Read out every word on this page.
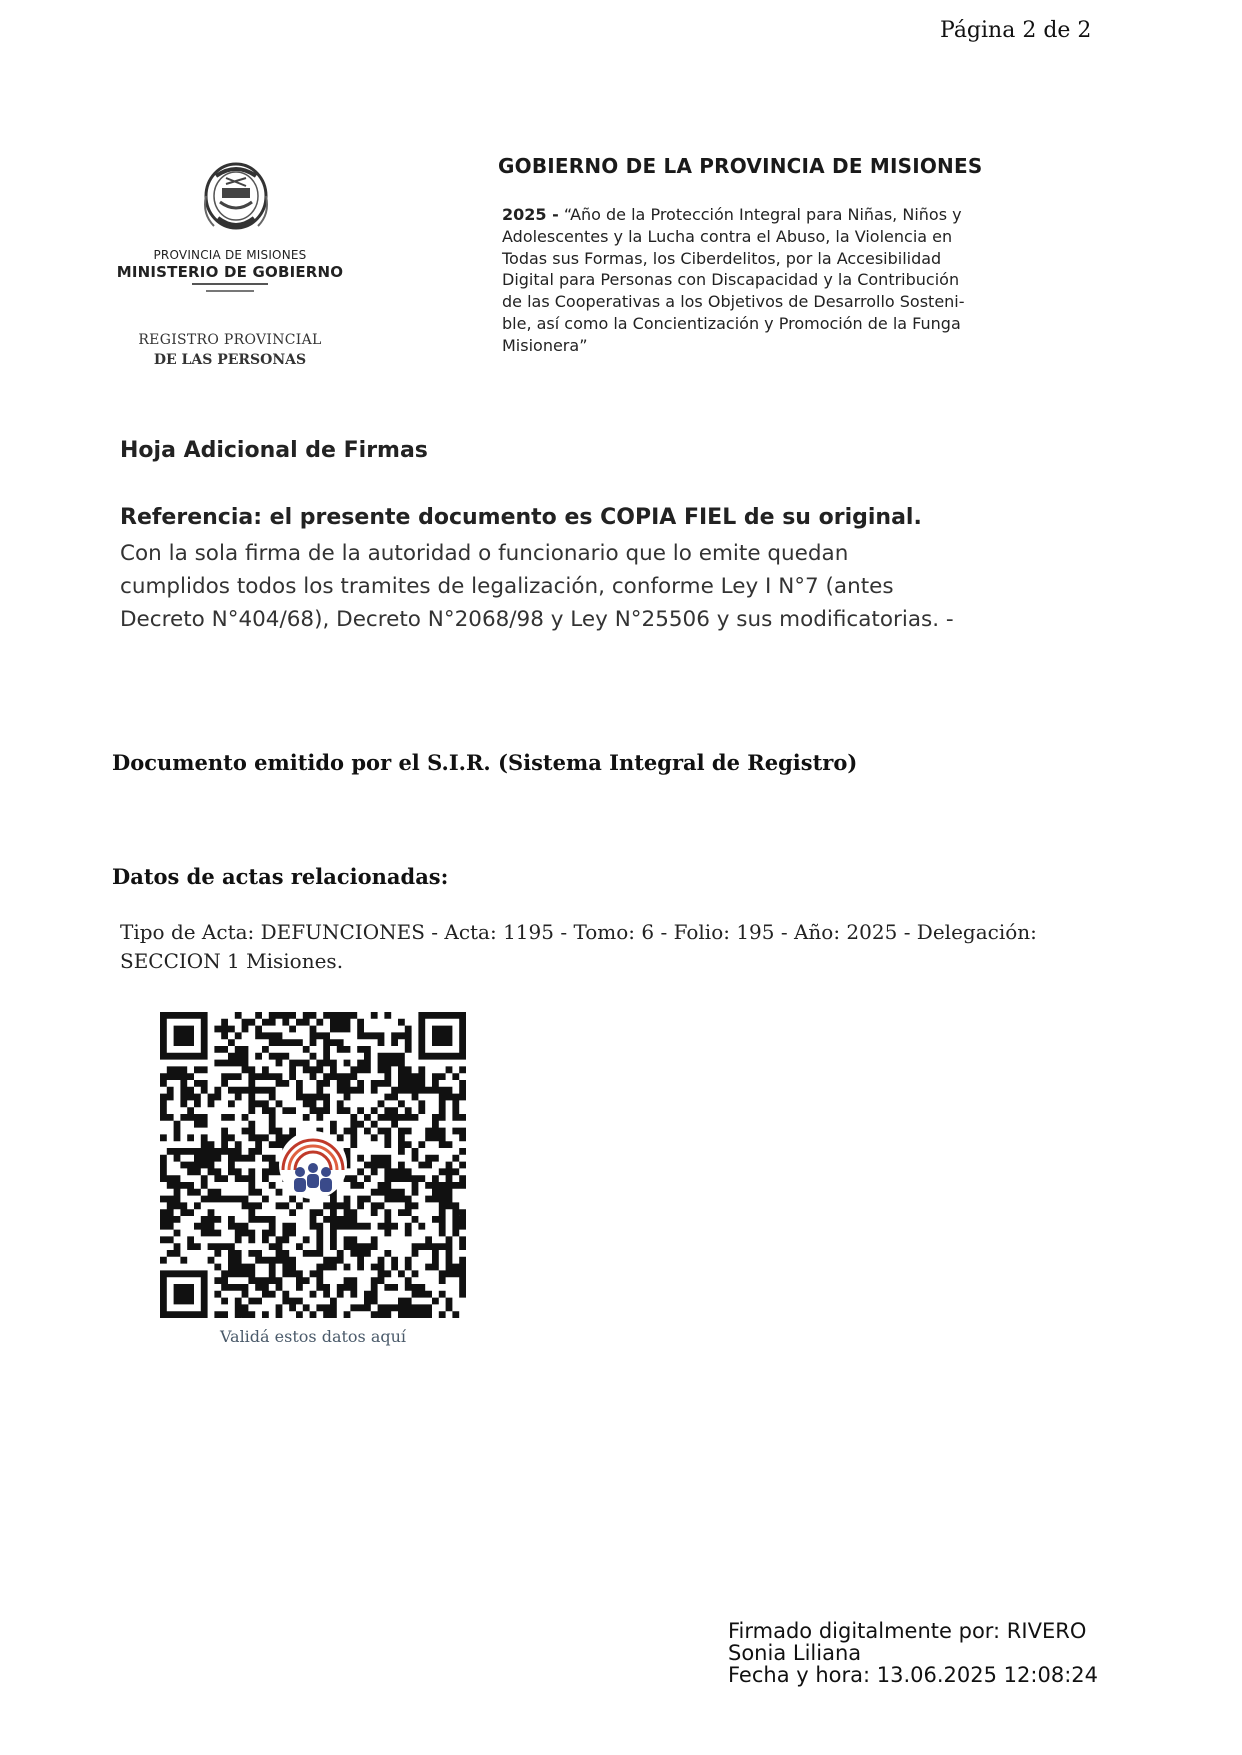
Página 2 de 2
PROVINCIA DE MISIONES
MINISTERIO DE GOBIERNO
REGISTRO PROVINCIAL
DE LAS PERSONAS
GOBIERNO DE LA PROVINCIA DE MISIONES
2025 - “Año de la Protección Integral para Niñas, Niños y
Adolescentes y la Lucha contra el Abuso, la Violencia en
Todas sus Formas, los Ciberdelitos, por la Accesibilidad
Digital para Personas con Discapacidad y la Contribución
de las Cooperativas a los Objetivos de Desarrollo Sosteni-
ble, así como la Concientización y Promoción de la Funga
Misionera”
Hoja Adicional de Firmas
Referencia: el presente documento es COPIA FIEL de su original.
Con la sola firma de la autoridad o funcionario que lo emite quedan
cumplidos todos los tramites de legalización, conforme Ley I N°7 (antes
Decreto N°404/68), Decreto N°2068/98 y Ley N°25506 y sus modificatorias. -
Documento emitido por el S.I.R. (Sistema Integral de Registro)
Datos de actas relacionadas:
Tipo de Acta: DEFUNCIONES - Acta: 1195 - Tomo: 6 - Folio: 195 - Año: 2025 - Delegación:
SECCION 1 Misiones.
Validá estos datos aquí
Firmado digitalmente por: RIVERO
Sonia Liliana
Fecha y hora: 13.06.2025 12:08:24
